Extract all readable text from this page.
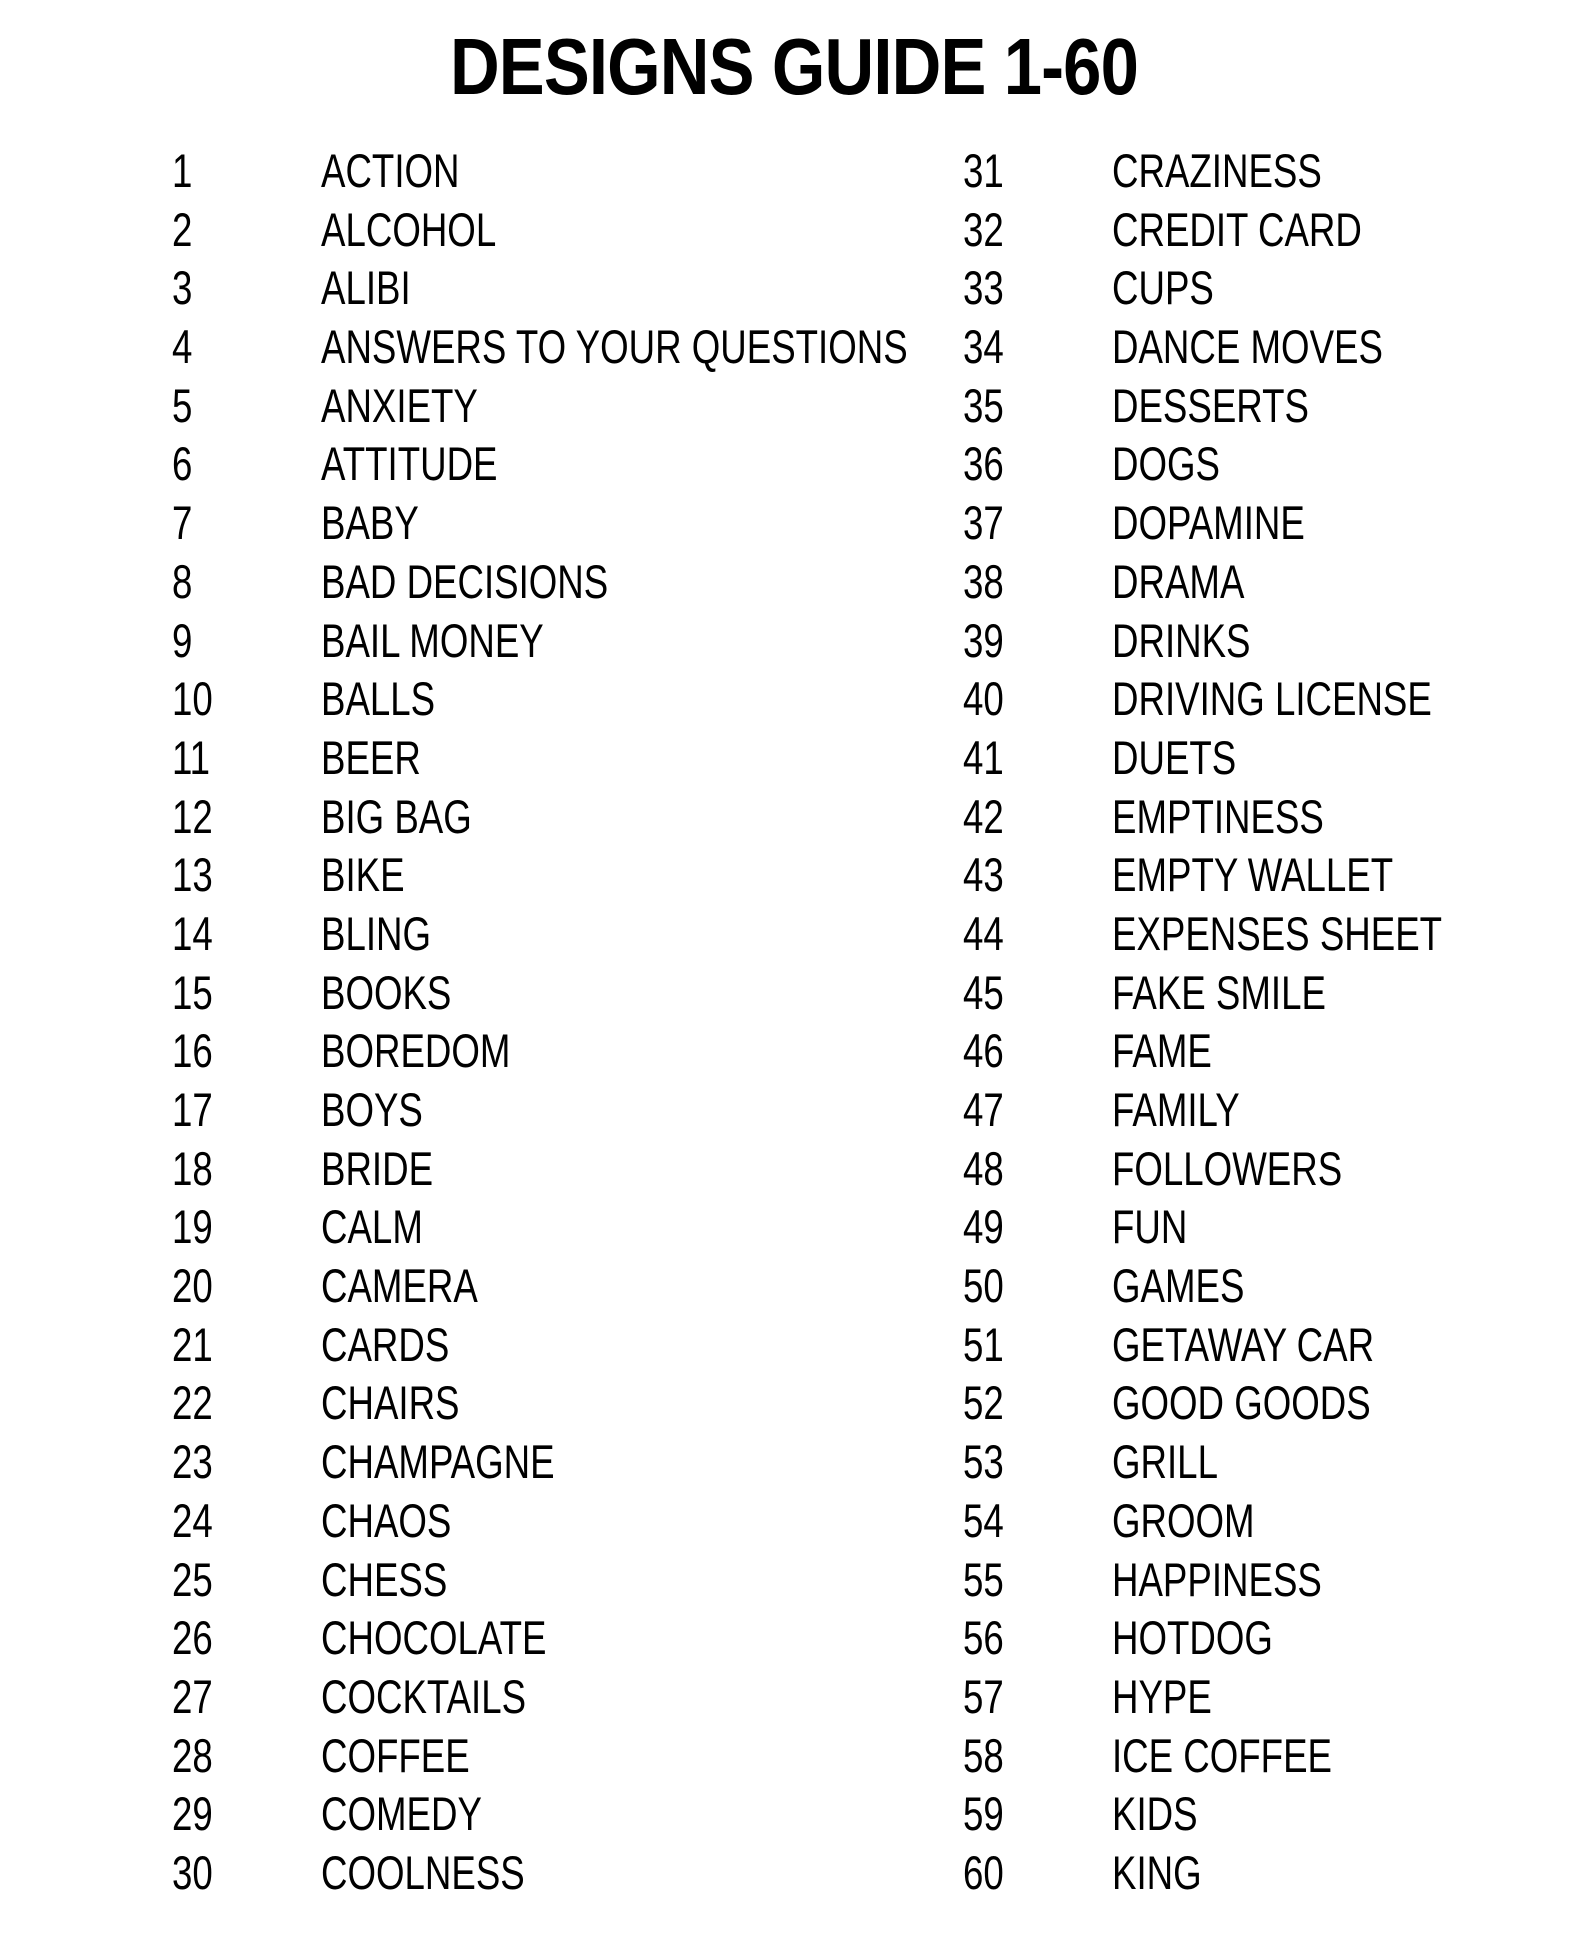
DESIGNS GUIDE 1-60
1	ACTION
2	ALCOHOL
3	ALIBI
4	ANSWERS TO YOUR QUESTIONS
5	ANXIETY
6	ATTITUDE
7	BABY
8	BAD DECISIONS
9	BAIL MONEY
10 BALLS
11 BEER
12 BIG BAG
13 BIKE
14 BLING
15 BOOKS
16 BOREDOM
17 BOYS
18 BRIDE
19 CALM
20 CAMERA
21 CARDS
22 CHAIRS
23 CHAMPAGNE
24 CHAOS
25 CHESS
26 CHOCOLATE
27 COCKTAILS
28 COFFEE
29 COMEDY
30 COOLNESS
31 CRAZINESS
32 CREDIT CARD
33 CUPS
34 DANCE MOVES
35 DESSERTS
36 DOGS
37 DOPAMINE
38 DRAMA
39 DRINKS
40 DRIVING LICENSE
41 DUETS
42 EMPTINESS
43 EMPTY WALLET
44 EXPENSES SHEET
45 FAKE SMILE
46 FAME
47 FAMILY
48 FOLLOWERS
49 FUN
50 GAMES
51 GETAWAY CAR
52 GOOD GOODS
53 GRILL
54 GROOM
55 HAPPINESS
56 HOTDOG
57 HYPE
58 ICE COFFEE
59 KIDS
60 KING
